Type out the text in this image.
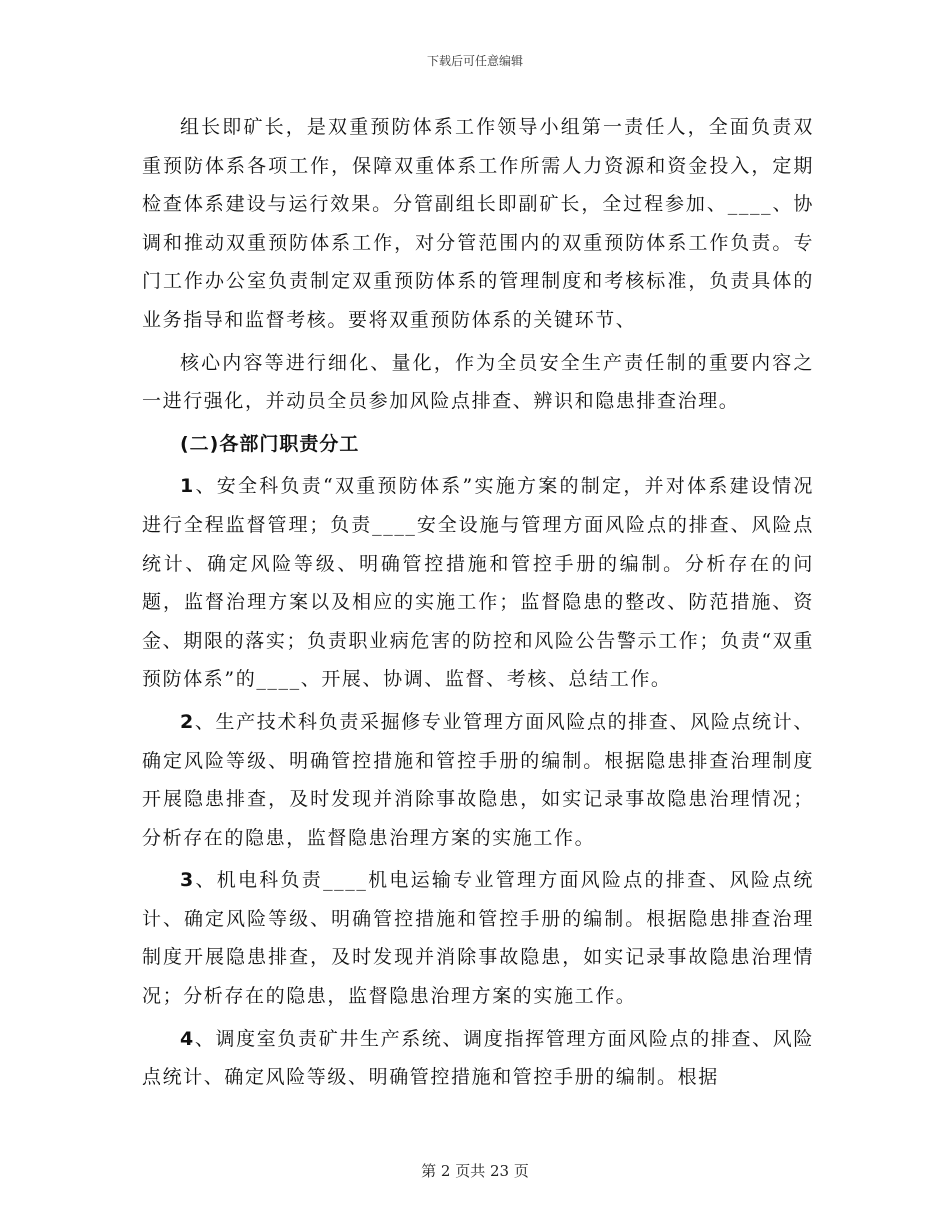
下载后可任意编辑

组长即矿长，是双重预防体系工作领导小组第一责任人，全面负责双重预防体系各项工作，保障双重体系工作所需人力资源和资金投入，定期检查体系建设与运行效果。分管副组长即副矿长，全过程参加、____、协调和推动双重预防体系工作，对分管范围内的双重预防体系工作负责。专门工作办公室负责制定双重预防体系的管理制度和考核标准，负责具体的业务指导和监督考核。要将双重预防体系的关键环节、

核心内容等进行细化、量化，作为全员安全生产责任制的重要内容之一进行强化，并动员全员参加风险点排查、辨识和隐患排查治理。

(二)各部门职责分工

1、安全科负责“双重预防体系”实施方案的制定，并对体系建设情况进行全程监督管理；负责____安全设施与管理方面风险点的排查、风险点统计、确定风险等级、明确管控措施和管控手册的编制。分析存在的问题，监督治理方案以及相应的实施工作；监督隐患的整改、防范措施、资金、期限的落实；负责职业病危害的防控和风险公告警示工作；负责“双重预防体系”的____、开展、协调、监督、考核、总结工作。

2、生产技术科负责采掘修专业管理方面风险点的排查、风险点统计、确定风险等级、明确管控措施和管控手册的编制。根据隐患排查治理制度开展隐患排查，及时发现并消除事故隐患，如实记录事故隐患治理情况；分析存在的隐患，监督隐患治理方案的实施工作。

3、机电科负责____机电运输专业管理方面风险点的排查、风险点统计、确定风险等级、明确管控措施和管控手册的编制。根据隐患排查治理制度开展隐患排查，及时发现并消除事故隐患，如实记录事故隐患治理情况；分析存在的隐患，监督隐患治理方案的实施工作。

4、调度室负责矿井生产系统、调度指挥管理方面风险点的排查、风险点统计、确定风险等级、明确管控措施和管控手册的编制。根据

第 2 页共 23 页
